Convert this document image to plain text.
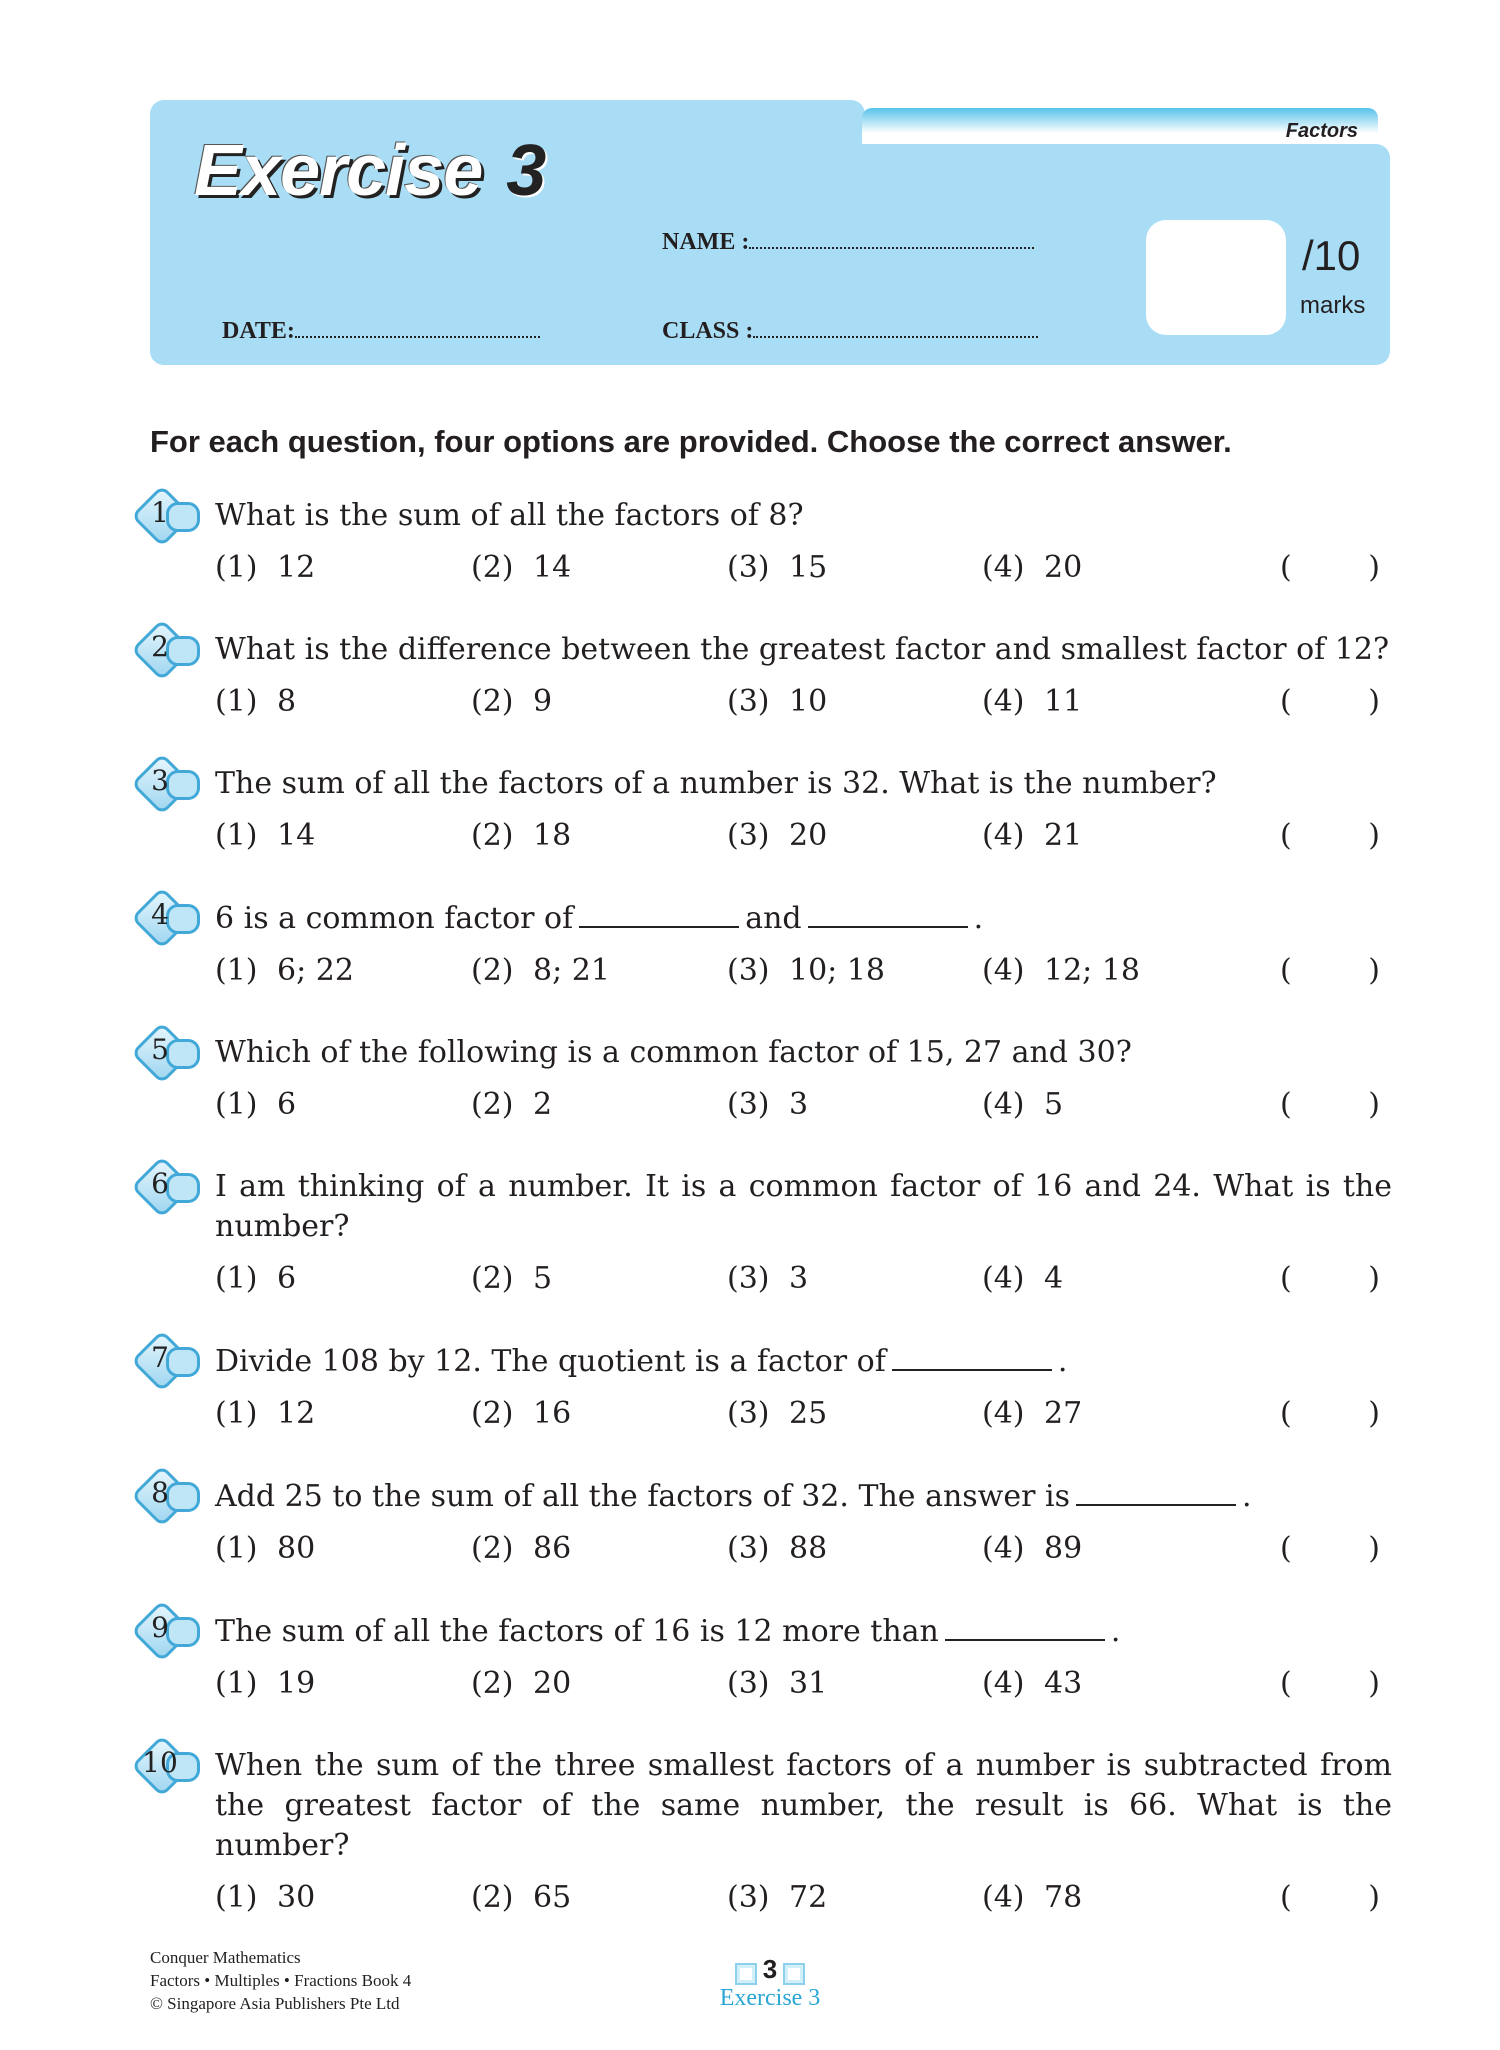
Factors
Exercise 3
NAME :
DATE:	CLASS :
/10
marks
For each question, four options are provided. Choose the correct answer.
1	What is the sum of all the factors of 8?
(1) 12	(2) 14	(3) 15	(4) 20	(	)
2	What is the difference between the greatest factor and smallest factor of 12?
(1) 8	(2) 9	(3) 10	(4) 11	(	)
3	The sum of all the factors of a number is 32. What is the number?
(1) 14	(2) 18	(3) 20	(4) 21	(	)
4	6 is a common factor of	and	.
(1) 6; 22	(2) 8; 21	(3) 10; 18	(4) 12; 18	(	)
5	Which of the following is a common factor of 15, 27 and 30?
(1) 6	(2) 2	(3) 3	(4) 5	(	)
6	I am thinking of a number. It is a common factor of 16 and 24. What is the number?
(1) 6	(2) 5	(3) 3	(4) 4	(	)
7	Divide 108 by 12. The quotient is a factor of	.
(1) 12	(2) 16	(3) 25	(4) 27	(	)
8	Add 25 to the sum of all the factors of 32. The answer is	.
(1) 80	(2) 86	(3) 88	(4) 89	(	)
9	The sum of all the factors of 16 is 12 more than	.
(1) 19	(2) 20	(3) 31	(4) 43	(	)
10	When the sum of the three smallest factors of a number is subtracted from the greatest factor of the same number, the result is 66. What is the number?
(1) 30	(2) 65	(3) 72	(4) 78	(	)
Conquer Mathematics
Factors • Multiples • Fractions Book 4
© Singapore Asia Publishers Pte Ltd
3
Exercise 3
